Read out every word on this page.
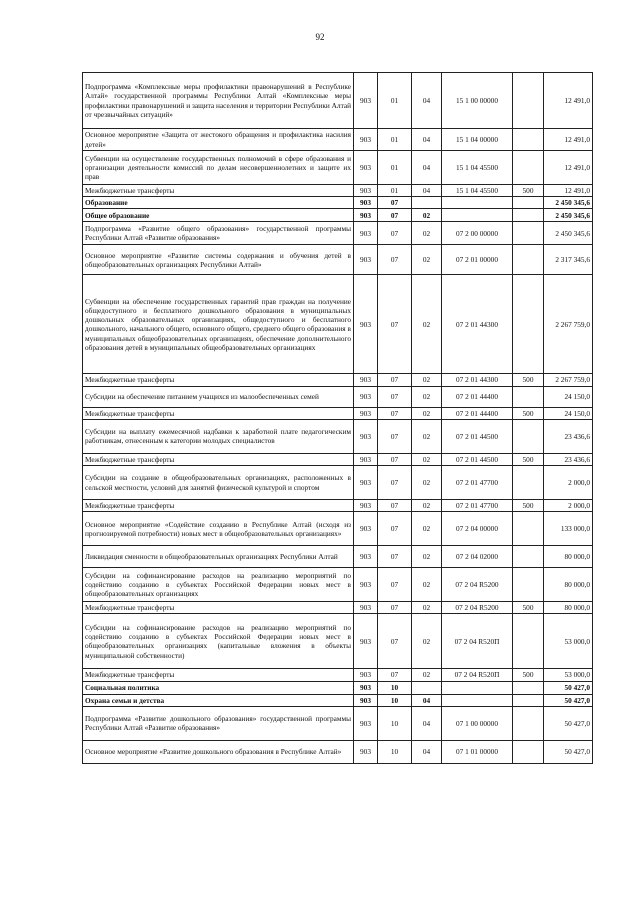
92
Подпрограмма «Комплексные меры профилактики правонарушений в Республике Алтай» государственной программы Республики Алтай «Комплексные меры профилактики правонарушений и защита населения и территории Республики Алтай от чрезвычайных ситуаций»	903	01	04	15 1 00 00000		12 491,0
Основное мероприятие «Защита от жестокого обращения и профилактика насилия детей»	903	01	04	15 1 04 00000		12 491,0
Субвенции на осуществление государственных полномочий в сфере образования и организации деятельности комиссий по делам несовершеннолетних и защите их прав	903	01	04	15 1 04 45500		12 491,0
Межбюджетные трансферты	903	01	04	15 1 04 45500	500	12 491,0
Образование	903	07				2 450 345,6
Общее образование	903	07	02			2 450 345,6
Подпрограмма «Развитие общего образования» государственной программы Республики Алтай «Развитие образования»	903	07	02	07 2 00 00000		2 450 345,6
Основное мероприятие «Развитие системы содержания и обучения детей в общеобразовательных организациях Республики Алтай»	903	07	02	07 2 01 00000		2 317 345,6
Субвенции на обеспечение государственных гарантий прав граждан на получение общедоступного и бесплатного дошкольного образования в муниципальных дошкольных образовательных организациях, общедоступного и бесплатного дошкольного, начального общего, основного общего, среднего общего образования в муниципальных общеобразовательных организациях, обеспечение дополнительного образования детей в муниципальных общеобразовательных организациях	903	07	02	07 2 01 44300		2 267 759,0
Межбюджетные трансферты	903	07	02	07 2 01 44300	500	2 267 759,0
Субсидии на обеспечение питанием учащихся из малообеспеченных семей	903	07	02	07 2 01 44400		24 150,0
Межбюджетные трансферты	903	07	02	07 2 01 44400	500	24 150,0
Субсидии на выплату ежемесячной надбавки к заработной плате педагогическим работникам, отнесенным к категории молодых специалистов	903	07	02	07 2 01 44500		23 436,6
Межбюджетные трансферты	903	07	02	07 2 01 44500	500	23 436,6
Субсидии на создание в общеобразовательных организациях, расположенных в сельской местности, условий для занятий физической культурой и спортом	903	07	02	07 2 01 47700		2 000,0
Межбюджетные трансферты	903	07	02	07 2 01 47700	500	2 000,0
Основное мероприятие «Содействие созданию в Республике Алтай (исходя из прогнозируемой потребности) новых мест в общеобразовательных организациях»	903	07	02	07 2 04 00000		133 000,0
Ликвидация сменности в общеобразовательных организациях Республики Алтай	903	07	02	07 2 04 02000		80 000,0
Субсидии на софинансирование расходов на реализацию мероприятий по содействию созданию в субъектах Российской Федерации новых мест в общеобразовательных организациях	903	07	02	07 2 04 R5200		80 000,0
Межбюджетные трансферты	903	07	02	07 2 04 R5200	500	80 000,0
Субсидии на софинансирование расходов на реализацию мероприятий по содействию созданию в субъектах Российской Федерации новых мест в общеобразовательных организациях (капитальные вложения в объекты муниципальной собственности)	903	07	02	07 2 04 R520П		53 000,0
Межбюджетные трансферты	903	07	02	07 2 04 R520П	500	53 000,0
Социальная политика	903	10				50 427,0
Охрана семьи и детства	903	10	04			50 427,0
Подпрограмма «Развитие дошкольного образования» государственной программы Республики Алтай «Развитие образования»	903	10	04	07 1 00 00000		50 427,0
Основное мероприятие «Развитие дошкольного образования в Республике Алтай»	903	10	04	07 1 01 00000		50 427,0
